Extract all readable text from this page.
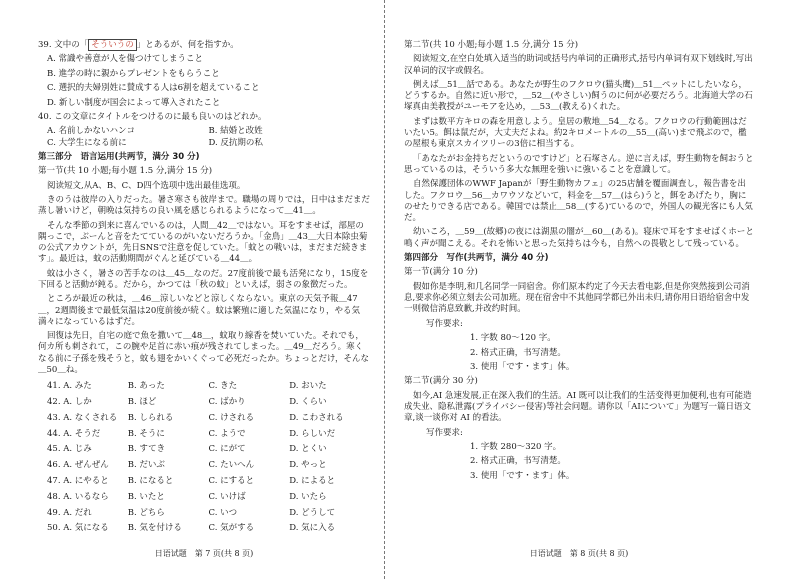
39. 文中の「 そういうの 」とあるが、何を指すか。

A. 常識や善意が人を傷つけてしまうこと

B. 進学の時に親からプレゼントをもらうこと

C. 選択的夫婦別姓に賛成する人は6割を超えていること

D. 新しい制度が国会によって導入されたこと

40. この文章にタイトルをつけるのに最も良いのはどれか。

A. 名前しかないハンコ	B. 結婚と改姓
C. 大学生になる前に	D. 反抗期の私

第三部分　语言运用(共两节，满分 30 分)

第一节(共 10 小题;每小题 1.5 分,满分 15 分)

阅读短文,从A、B、C、D四个选项中选出最佳选项。

きのうは彼岸の入りだった。暑さ寒さも彼岸まで。職場の周りでは，日中はまだまだ蒸し暑いけど，朝晩は気持ちの良い風を感じられるようになって＿41＿。

そんな季節の到来に喜んでいるのは，人間＿42＿ではない。耳をすませば，部屋の隅っこで，ぶーんと音をたてているのがいないだろうか。「金鳥」＿43＿大日本除虫菊の公式アカウントが，先日SNSで注意を促していた。「蚊との戦いは，まだまだ続きます」。最近は，蚊の活動期間がぐんと延びている＿44＿。

蚊は小さく，暑さの苦手なのは＿45＿なのだ。27度前後で最も活発になり，15度を下回ると活動が鈍る。だから，かつては「秋の蚊」といえば，弱さの象徴だった。

ところが最近の秋は，＿46＿涼しいなどと涼しくならない。東京の天気予報＿47＿，2週間後まで最低気温は20度前後が続く。蚊は繁殖に適した気温になり，やる気満々になっているはずだ。

回復は先日，自宅の庭で魚を撒いて＿48＿，蚊取り線香を焚いていた。それでも，何カ所も刺されて，この腕や足首に赤い痕が残されてしまった。＿49＿だろう。寒くなる前に子孫を残そうと，蚊も翅をかいくぐって必死だったか。ちょっとだけ，そんな＿50＿ね。

41. A. みた	B. あった	C. きた	D. おいた
42. A. しか	B. ほど	C. ばかり	D. くらい
43. A. なくされる	B. しられる	C. けされる	D. こわされる
44. A. そうだ	B. そうに	C. ようで	D. らしいだ
45. A. じみ	B. すてき	C. にがて	D. とくい
46. A. ぜんぜん	B. だいぶ	C. たいへん	D. やっと
47. A. にやると	B. になると	C. にすると	D. によると
48. A. いるなら	B. いたと	C. いけば	D. いたら
49. A. だれ	B. どちら	C. いつ	D. どうして
50. A. 気になる	B. 気を付ける	C. 気がする	D. 気に入る

第二节(共 10 小题;每小题 1.5 分,满分 15 分)

阅读短文,在空白处填入适当的助词或括号内单词的正确形式,括号内单词有双下划线时,写出汉单词的汉字或假名。

例えば＿51＿話である。あなたが野生のフクロウ(猫头鹰)＿51＿ペットにしたいなら，どうするか。自然に近い形で，＿52＿(やさしい)飼うのに何が必要だろう。北海道大学の石塚真由美教授がユーモアを込め，＿53＿(教える)くれた。

まずは数平方キロの森を用意しよう。皇居の敷地＿54＿なる。フクロウの行動範囲はだいたい5。餌は鼠だが，大丈夫だよね。約2キロメートルの＿55＿(高い)まで飛ぶので，檻の屋根も東京スカイツリーの3倍に相当する。

「あなたがお金持ちだというのですけど」と石塚さん。逆に言えば，野生動物を飼おうと思っているのは，そういう多大な無理を強いに強いることを意識して。

自然保護団体のWWF Japanが「野生動物カフェ」の25店舗を覆面調査し，報告書を出した。フクロウ＿56＿カワウソなどいて，料金を＿57＿(はら)うと，餌をあげたり，胸にのせたりできる店である。韓国では禁止＿58＿(する)ているので，外国人の観光客にも人気だ。

幼いころ，＿59＿(故郷)の夜には湖黒の闇が＿60＿(ある)。寝床で耳をすませばくホーと鳴く声が聞こえる。それを怖いと思った気持ちは今も，自然への畏敬として残っている。

第四部分　写作(共两节，满分 40 分)

第一节(满分 10 分)

假如你是李明,和几名同学一同宿舍。你们原本约定了今天去看电影,但是你突然接到公司消息,要求你必须立刻去公司加班。现在宿舍中不其他同学都已外出未归,请你用日语给宿舍中发一则微信消息致歉,并改约时间。

写作要求:

1. 字数 80～120 字。

2. 格式正确，书写清楚。

3. 使用「です・ます」体。

第二节(满分 30 分)

如今,AI 急速发展,正在深入我们的生活。AI 既可以让我们的生活变得更加便利,也有可能造成失业、隐私泄露(プライバシー侵害)等社会问题。请你以「AIについて」为题写一篇日语文章,谈一谈你对 AI 的看法。

写作要求:

1. 字数 280～320 字。

2. 格式正确，书写清楚。

3. 使用「です・ます」体。

日语试题　第 7 页(共 8 页)	日语试题　第 8 页(共 8 页)
